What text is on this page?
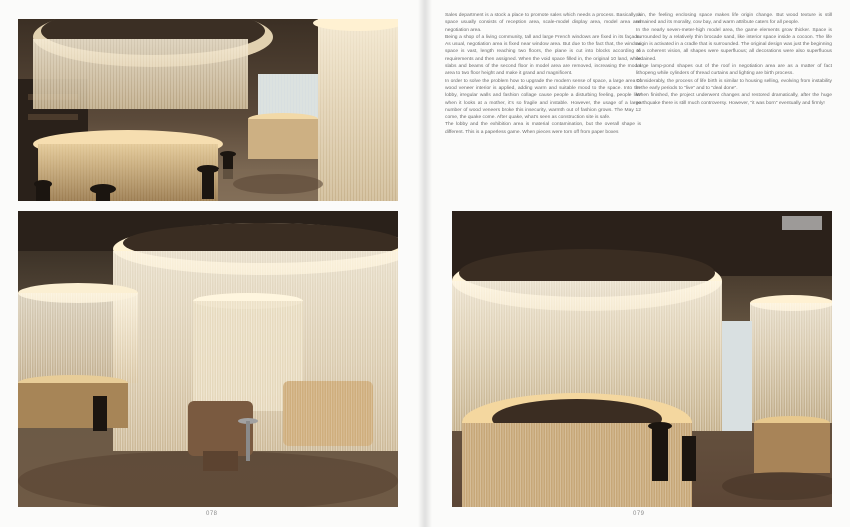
Sales department is a stock a place to promote sales which needs a process. Basically, a space usually consists of reception area, scale-model display area, model area and negotiation area.

Being a shop of a living community, tall and large French windows are fixed in its façade. As usual, negotiation area is fixed near window area. But due to the fact that, the window space is vast, length reaching two floors, the plane is cut into blocks according to requirements and then assigned. When the void space filled in, the original 10 land, while slabs and beams of the second floor in model area are removed, increasing the model area to two floor height and make it grand and magnificent.

In order to solve the problem how to upgrade the modern sense of space, a large area of wood veneer interior is applied, adding warm and suitable mood to the space. Into the lobby, irregular walls and fashion collage cause people a disturbing feeling, people like when it looks at a mother, it's so fragile and instable. However, the usage of a large number of wood veneers broke this insecurity, warmth out of fashion grows. The May 12 come, the quake come. After quake, what's seen as construction site is safe.

The lobby and the exhibition area is material contamination, but the overall shape is different. This is a paperless game. When pieces were torn off from paper boxes

skin, the feeling enclosing space makes life origin change. But wood texture is still remained and its morality, cow bay, and warm attribute caters for all people.

In the nearly seven-meter-high model area, the game elements grow thicker. Space is surrounded by a relatively thin brocade sand, like interior space inside a cocoon. The life origin is activated in a cradle that is surrounded. The original design was just the beginning of a coherent vision, all shapes were superfluous; all decorations were also superfluous ordained.

Large lamp-pond shapes out of the roof in negotiation area are as a matter of fact lithopeng while cylinders of thread curtains and lighting are birth process.

Considerably, the process of life birth is similar to housing selling, evolving from instability in the early periods to "live" and to "deal done".

When finished, the project underwent changes and restored dramatically, after the huge earthquake there is still much controversy. However, "it was born" eventually and firmly!

078	079
